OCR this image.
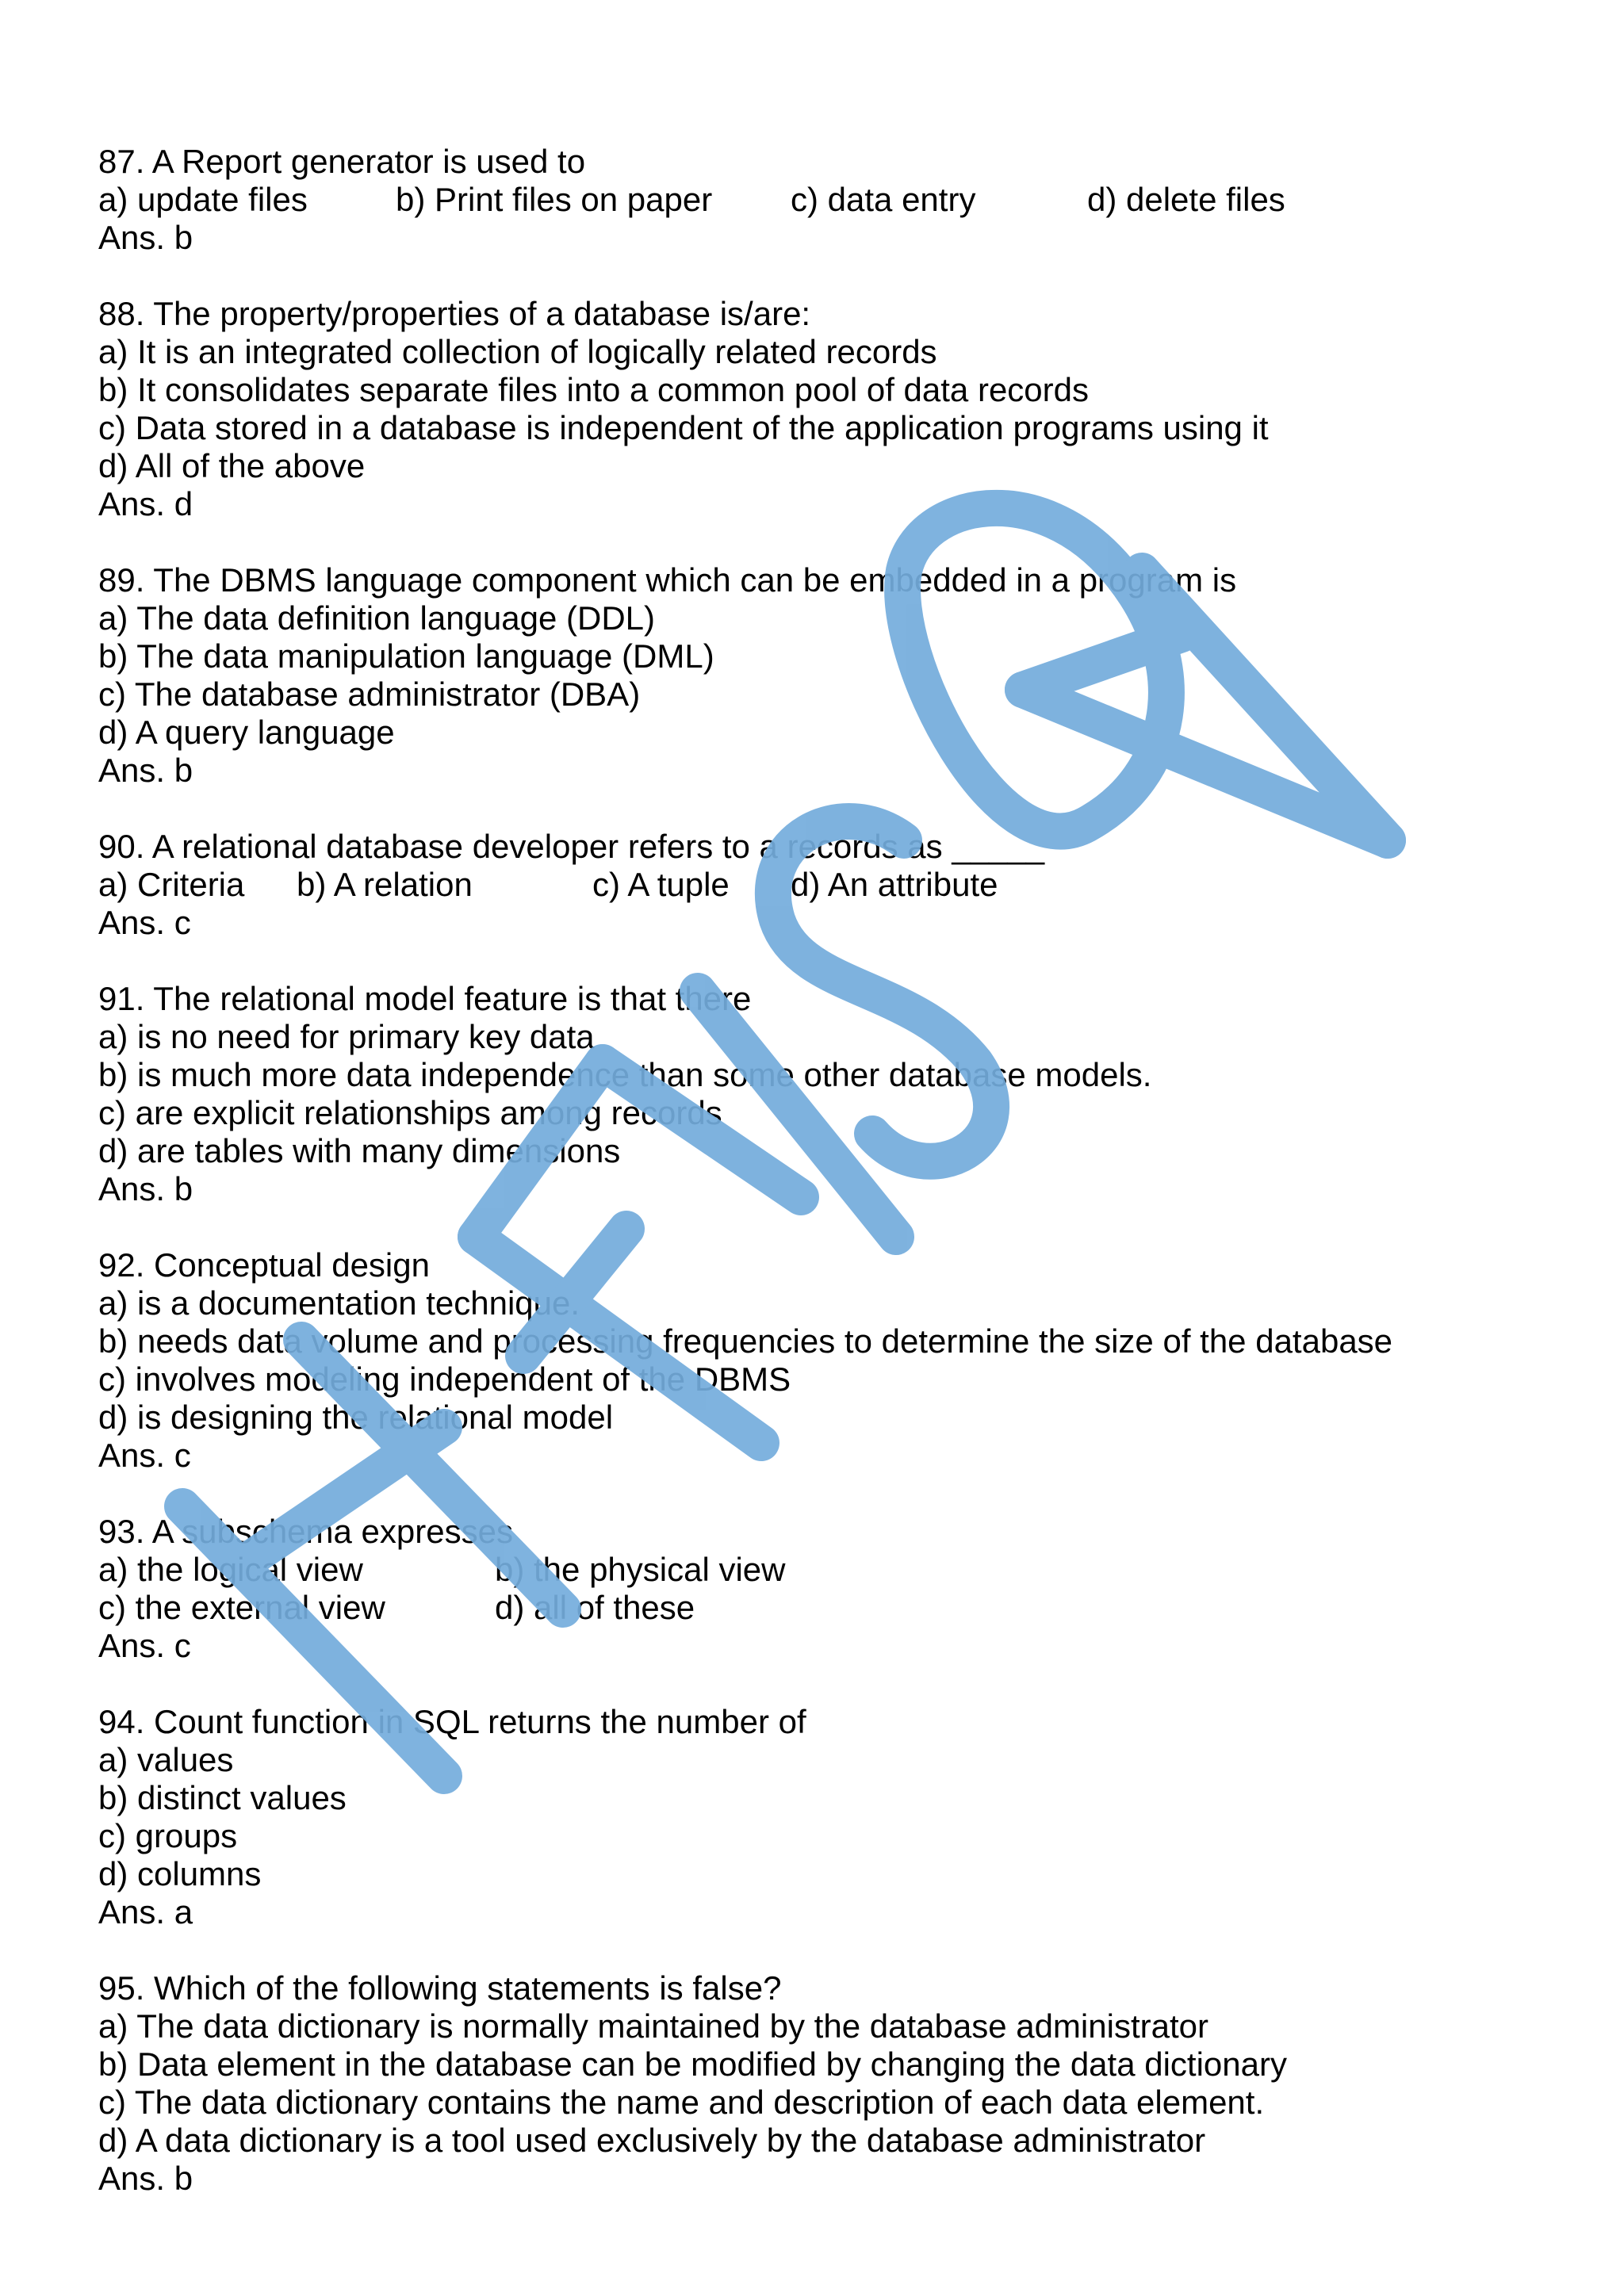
87. A Report generator is used to
a) update files	b) Print files on paper c) data entry	d) delete files
Ans. b
88. The property/properties of a database is/are:
a) It is an integrated collection of logically related records
b) It consolidates separate files into a common pool of data records
c) Data stored in a database is independent of the application programs using it
d) All of the above
Ans. d
89. The DBMS language component which can be embedded in a program is
a) The data definition language (DDL)
b) The data manipulation language (DML)
c) The database administrator (DBA)
d) A query language
Ans. b
90. A relational database developer refers to a records as _____
a) Criteria b) A relation	c) A tuple d) An attribute
Ans. c
91. The relational model feature is that there
a) is no need for primary key data
b) is much more data independence than some other database models.
c) are explicit relationships among records
d) are tables with many dimensions
Ans. b
92. Conceptual design
a) is a documentation technique.
b) needs data volume and processing frequencies to determine the size of the database
c) involves modeling independent of the DBMS
d) is designing the relational model
Ans. c
93. A subschema expresses
a) the logical view	b) the physical view
c) the external view	d) all of these
Ans. c
94. Count function in SQL returns the number of
a) values
b) distinct values
c) groups
d) columns
Ans. a
95. Which of the following statements is false?
a) The data dictionary is normally maintained by the database administrator
b) Data element in the database can be modified by changing the data dictionary
c) The data dictionary contains the name and description of each data element.
d) A data dictionary is a tool used exclusively by the database administrator
Ans. b
